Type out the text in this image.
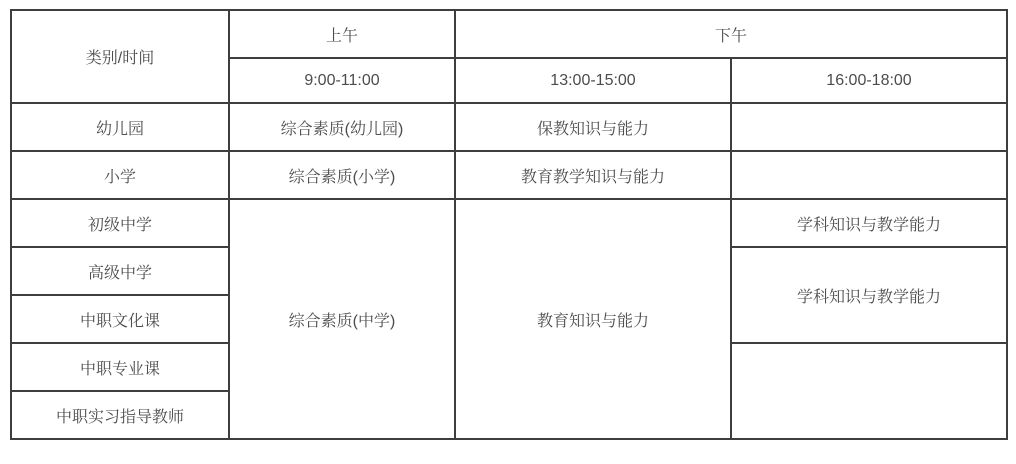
类别/时间	上午	下午	
	9:00-11:00	13:00-15:00	16:00-18:00
幼儿园	综合素质(幼儿园)	保教知识与能力	
小学	综合素质(小学)	教育教学知识与能力	
初级中学	综合素质(中学)	教育知识与能力	学科知识与教学能力
高级中学			学科知识与教学能力
中职文化课			
中职专业课			
中职实习指导教师			
